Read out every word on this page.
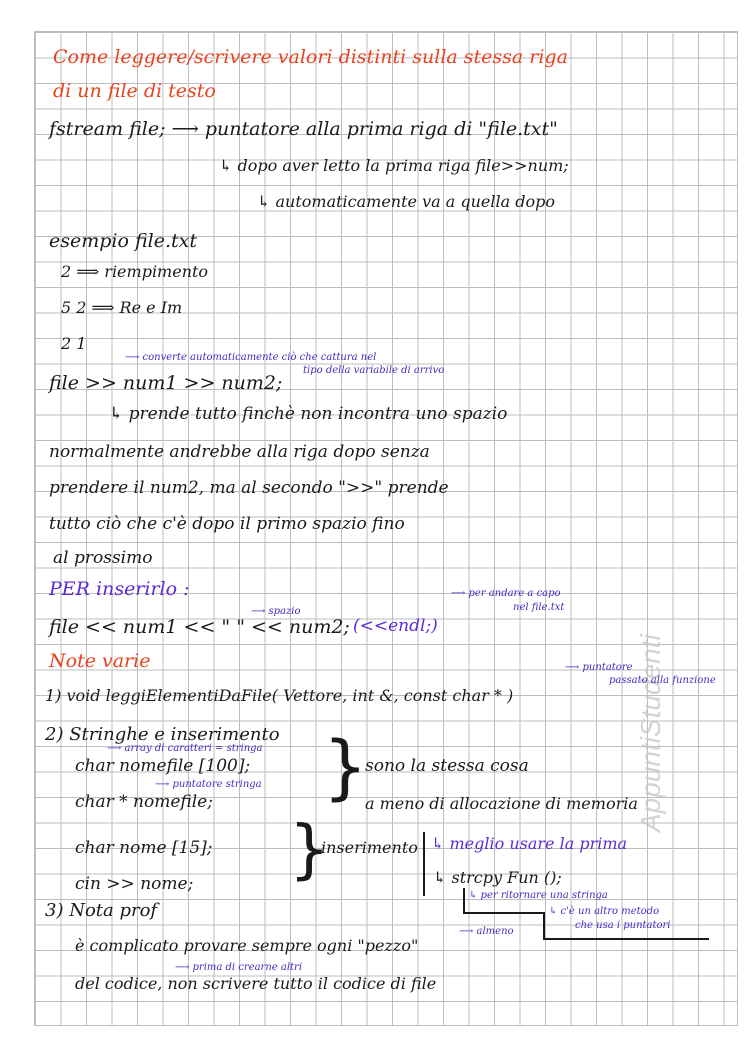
AppuntiStudenti
Come leggere/scrivere valori distinti sulla stessa riga
di un file di testo
fstream file; ⟶ puntatore alla prima riga di "file.txt"
↳ dopo aver letto la prima riga file>>num;
↳ automaticamente va a quella dopo
esempio file.txt
2 ⟹ riempimento
5 2 ⟹ Re e Im
2 1
⟶ converte automaticamente ciò che cattura nel
tipo della variabile di arrivo
file >> num1 >> num2;
↳ prende tutto finchè non incontra uno spazio
normalmente andrebbe alla riga dopo senza
prendere il num2, ma al secondo ">>" prende
tutto ciò che c'è dopo il primo spazio fino
al prossimo
PER inserirlo :	⟶ per andare a capo
nel file.txt
⟶ spazio
file << num1 << " " << num2; (<<endl;)
Note varie	⟶ puntatore
passato alla funzione
1) void leggiElementiDaFile( Vettore, int &, const char * )
2) Stringhe e inserimento
⟶ array di caratteri = stringa
char nomefile [100];
⟶ puntatore stringa
char * nomefile; }
sono la stessa cosa
a meno di allocazione di memoria
char nome [15];
cin >> nome; }
inserimento ↳ meglio usare la prima
↳ strcpy Fun ();
↳ per ritornare una stringa
↳ c'è un altro metodo
che usa i puntatori
3) Nota prof
⟶ almeno
è complicato provare sempre ogni "pezzo"
⟶ prima di crearne altri
del codice, non scrivere tutto il codice di file
